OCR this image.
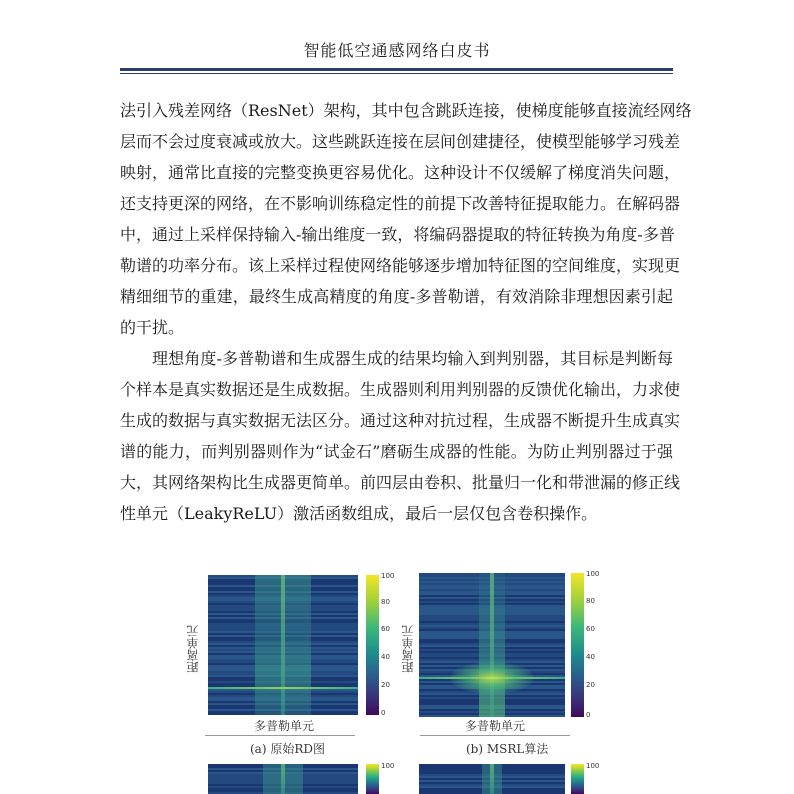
智能低空通感网络白皮书
法引入残差网络（ResNet）架构，其中包含跳跃连接，使梯度能够直接流经网络
层而不会过度衰减或放大。这些跳跃连接在层间创建捷径，使模型能够学习残差
映射，通常比直接的完整变换更容易优化。这种设计不仅缓解了梯度消失问题，
还支持更深的网络，在不影响训练稳定性的前提下改善特征提取能力。在解码器
中，通过上采样保持输入-输出维度一致，将编码器提取的特征转换为角度-多普
勒谱的功率分布。该上采样过程使网络能够逐步增加特征图的空间维度，实现更
精细细节的重建，最终生成高精度的角度-多普勒谱，有效消除非理想因素引起
的干扰。
理想角度-多普勒谱和生成器生成的结果均输入到判别器，其目标是判断每
个样本是真实数据还是生成数据。生成器则利用判别器的反馈优化输出，力求使
生成的数据与真实数据无法区分。通过这种对抗过程，生成器不断提升生成真实
谱的能力，而判别器则作为“试金石”磨砺生成器的性能。为防止判别器过于强
大，其网络架构比生成器更简单。前四层由卷积、批量归一化和带泄漏的修正线
性单元（LeakyReLU）激活函数组成，最后一层仅包含卷积操作。
距离单元
100
80
60
40
20
0
多普勒单元
(a) 原始RD图
距离单元
100
80
60
40
20
0
多普勒单元
(b) MSRL算法
100	100
